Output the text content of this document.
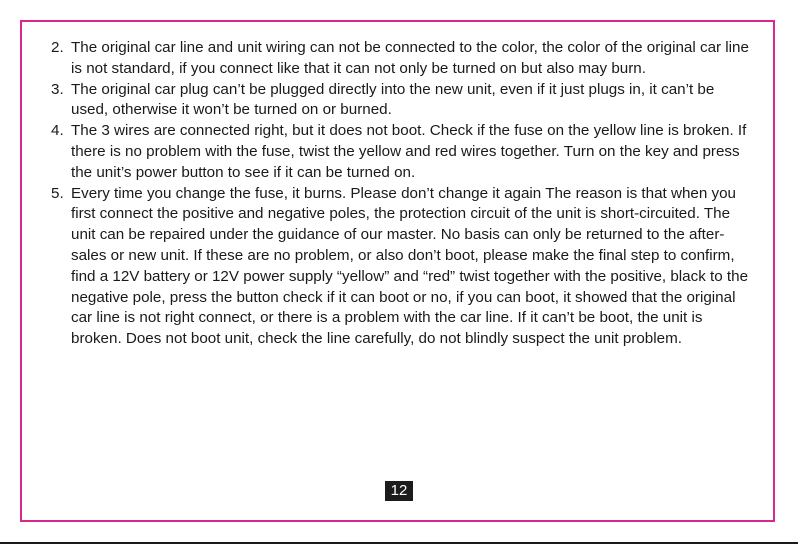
2. The original car line and unit wiring can not be connected to the color, the color of the original car line is not standard, if you connect like that it can not only be turned on but also may burn.
3. The original car plug can’t be plugged directly into the new unit, even if it just plugs in, it can’t be used, otherwise it won’t be turned on or burned.
4. The 3 wires are connected right, but it does not boot. Check if the fuse on the yellow line is broken. If there is no problem with the fuse, twist the yellow and red wires together. Turn on the key and press the unit’s power button to see if it can be turned on.
5. Every time you change the fuse, it burns. Please don’t change it again The reason is that when you first connect the positive and negative poles, the protection circuit of the unit is short-circuited. The unit can be repaired under the guidance of our master. No basis can only be returned to the after-sales or new unit. If these are no problem, or also don’t boot, please make the final step to confirm, find a 12V battery or 12V power supply “yellow” and “red” twist together with the positive, black to the negative pole, press the button check if it can boot or no, if you can boot, it showed that the original car line is not right connect, or there is a problem with the car line. If it can’t be boot, the unit is broken. Does not boot unit, check the line carefully, do not blindly suspect the unit problem.
12
